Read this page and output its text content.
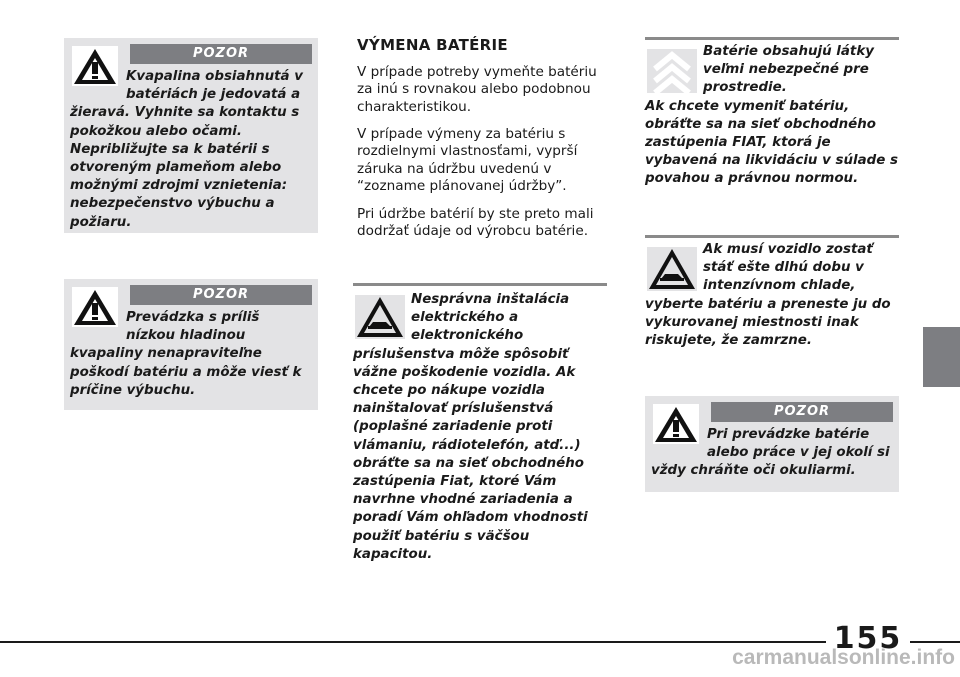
POZOR
Kvapalina obsiahnutá v batériách je jedovatá a
žieravá. Vyhnite sa kontaktu s pokožkou alebo očami. Nepribližujte sa k batérii s otvoreným plameňom alebo možnými zdrojmi vznietenia: nebezpečenstvo výbuchu a požiaru.
POZOR
Prevádzka s príliš nízkou hladinou
kvapaliny nenapraviteľne poškodí batériu a môže viesť k príčine výbuchu.
VÝMENA BATÉRIE

V prípade potreby vymeňte batériu za inú s rovnakou alebo podobnou charakteristikou.

V prípade výmeny za batériu s rozdielnymi vlastnosťami, vyprší záruka na údržbu uvedenú v “zozname plánovanej údržby”.

Pri údržbe batérií by ste preto mali dodržať údaje od výrobcu batérie.

Nesprávna inštalácia elektrického a elektronického
príslušenstva môže spôsobiť vážne poškodenie vozidla. Ak chcete po nákupe vozidla nainštalovať príslušenstvá (poplašné zariadenie proti vlámaniu, rádiotelefón, atď...) obráťte sa na sieť obchodného zastúpenia Fiat, ktoré Vám navrhne vhodné zariadenia a poradí Vám ohľadom vhodnosti použiť batériu s väčšou kapacitou.
Batérie obsahujú látky veľmi nebezpečné pre prostredie.
Ak chcete vymeniť batériu, obráťte sa na sieť obchodného zastúpenia FIAT, ktorá je vybavená na likvidáciu v súlade s povahou a právnou normou.
Ak musí vozidlo zostať stáť ešte dlhú dobu v intenzívnom chlade,
vyberte batériu a preneste ju do vykurovanej miestnosti inak riskujete, že zamrzne.
POZOR
Pri prevádzke batérie alebo práce v jej okolí si
vždy chráňte oči okuliarmi.
155
carmanualsonline.info
